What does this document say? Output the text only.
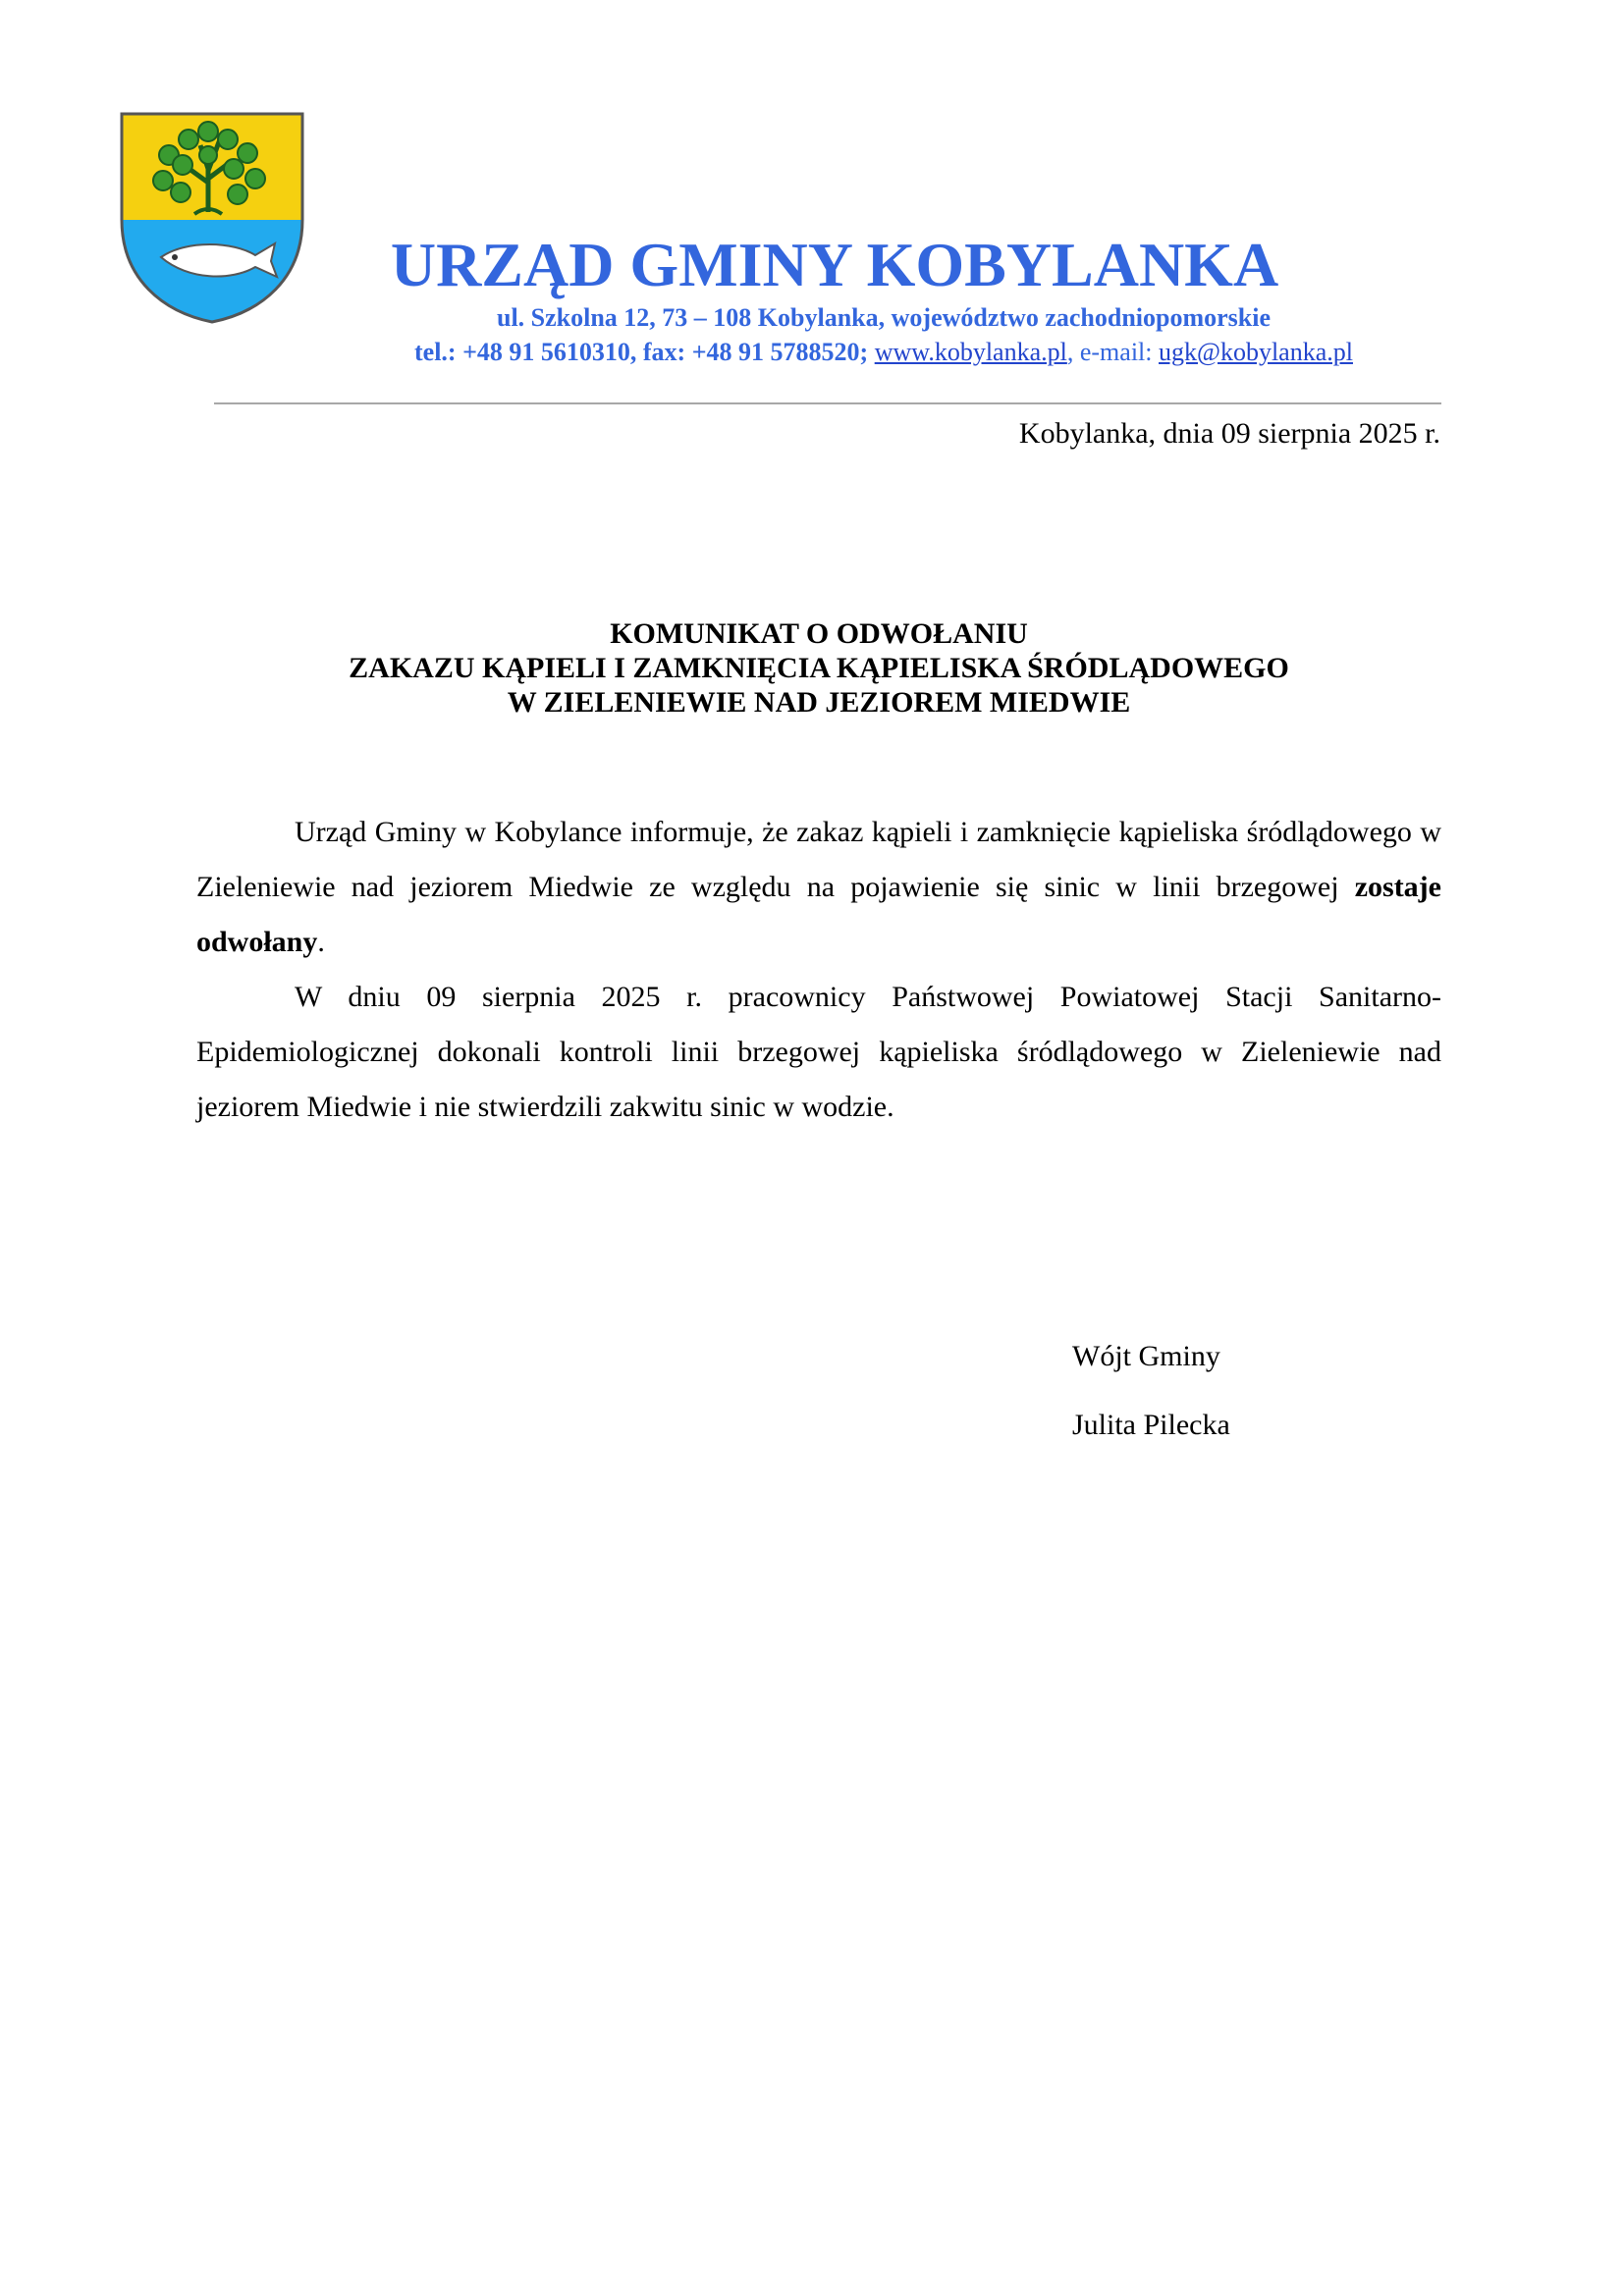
URZĄD GMINY KOBYLANKA
ul. Szkolna 12, 73 – 108 Kobylanka, województwo zachodniopomorskie
tel.: +48 91 5610310, fax: +48 91 5788520; www.kobylanka.pl, e-mail: ugk@kobylanka.pl
Kobylanka, dnia 09 sierpnia 2025 r.
KOMUNIKAT O ODWOŁANIU
ZAKAZU KĄPIELI I ZAMKNIĘCIA KĄPIELISKA ŚRÓDLĄDOWEGO
W ZIELENIEWIE NAD JEZIOREM MIEDWIE

Urząd Gminy w Kobylance informuje, że zakaz kąpieli i zamknięcie kąpieliska śródlądowego w Zieleniewie nad jeziorem Miedwie ze względu na pojawienie się sinic w linii brzegowej zostaje odwołany.

W dniu 09 sierpnia 2025 r. pracownicy Państwowej Powiatowej Stacji Sanitarno-Epidemiologicznej dokonali kontroli linii brzegowej kąpieliska śródlądowego w Zieleniewie nad jeziorem Miedwie i nie stwierdzili zakwitu sinic w wodzie.

Wójt Gminy
Julita Pilecka
